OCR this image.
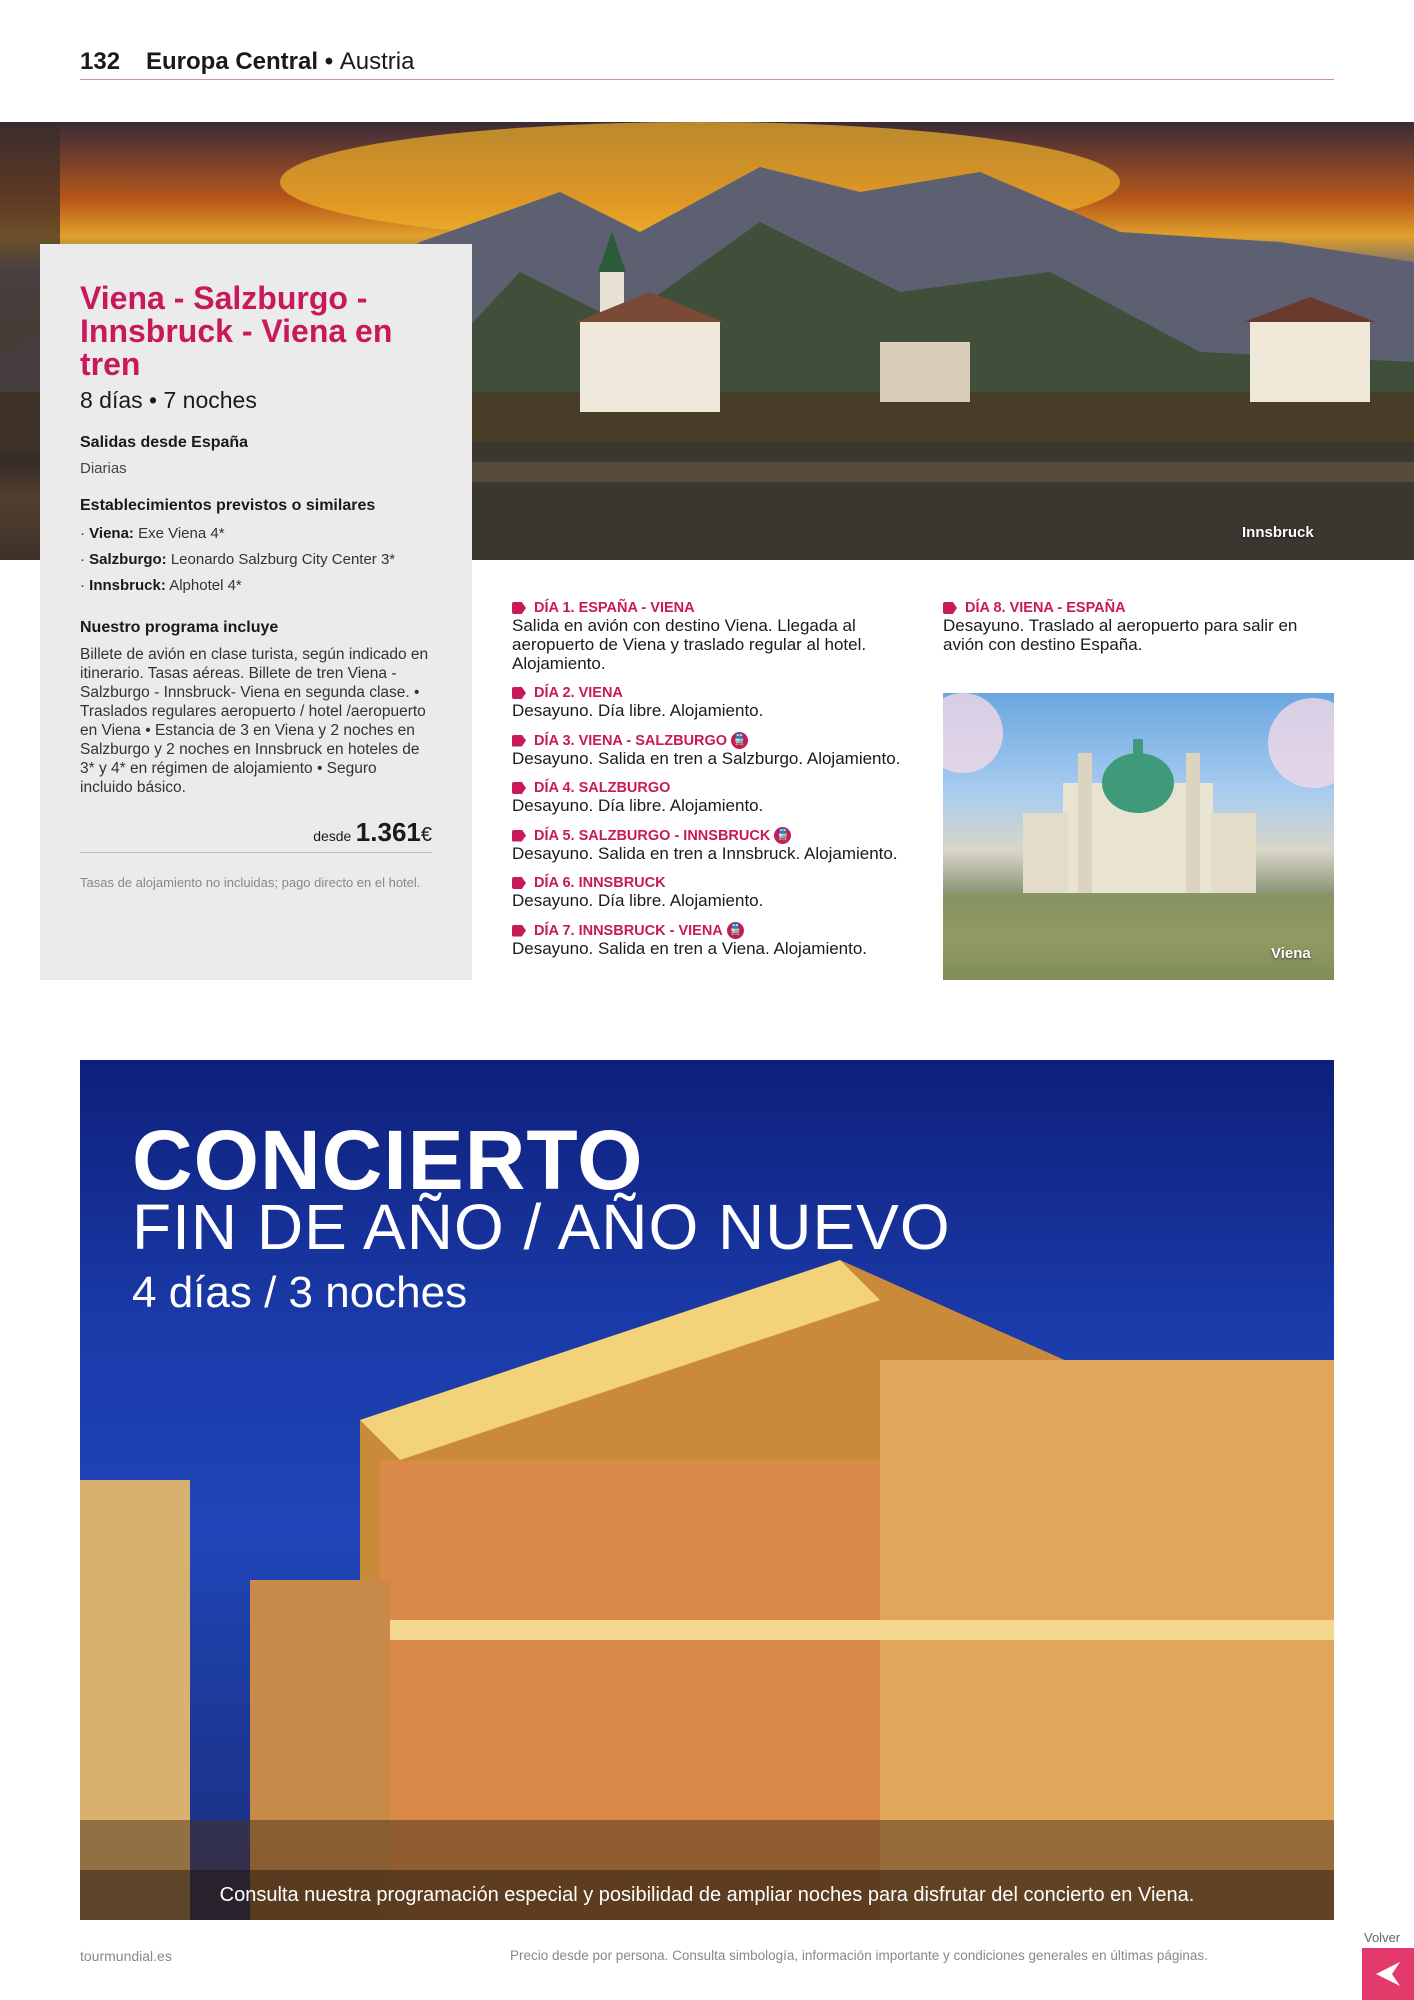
132 Europa Central • Austria
Innsbruck
Viena - Salzburgo - Innsbruck - Viena en tren
8 días • 7 noches
Salidas desde España
Diarias
Establecimientos previstos o similares
· Viena: Exe Viena 4*
· Salzburgo: Leonardo Salzburg City Center 3*
· Innsbruck: Alphotel 4*
Nuestro programa incluye
Billete de avión en clase turista, según indicado en itinerario. Tasas aéreas. Billete de tren Viena - Salzburgo - Innsbruck- Viena en segunda clase. • Traslados regulares aeropuerto / hotel /aeropuerto en Viena • Estancia de 3 en Viena y 2 noches en Salzburgo y 2 noches en Innsbruck en hoteles de 3* y 4* en régimen de alojamiento • Seguro incluido básico.
desde 1.361€
Tasas de alojamiento no incluidas; pago directo en el hotel.
DÍA 1. ESPAÑA - VIENA
Salida en avión con destino Viena. Llegada al aeropuerto de Viena y traslado regular al hotel. Alojamiento.
DÍA 2. VIENA
Desayuno. Día libre. Alojamiento.
DÍA 3. VIENA - SALZBURGO 🚆
Desayuno. Salida en tren a Salzburgo. Alojamiento.
DÍA 4. SALZBURGO
Desayuno. Día libre. Alojamiento.
DÍA 5. SALZBURGO - INNSBRUCK 🚆
Desayuno. Salida en tren a Innsbruck. Alojamiento.
DÍA 6. INNSBRUCK
Desayuno. Día libre. Alojamiento.
DÍA 7. INNSBRUCK - VIENA 🚆
Desayuno. Salida en tren a Viena. Alojamiento.
DÍA 8. VIENA - ESPAÑA
Desayuno. Traslado al aeropuerto para salir en avión con destino España.
Viena
CONCIERTO
FIN DE AÑO / AÑO NUEVO
4 días / 3 noches
Consulta nuestra programación especial y posibilidad de ampliar noches para disfrutar del concierto en Viena.
tourmundial.es	Precio desde por persona. Consulta simbología, información importante y condiciones generales en últimas páginas.
Volver
